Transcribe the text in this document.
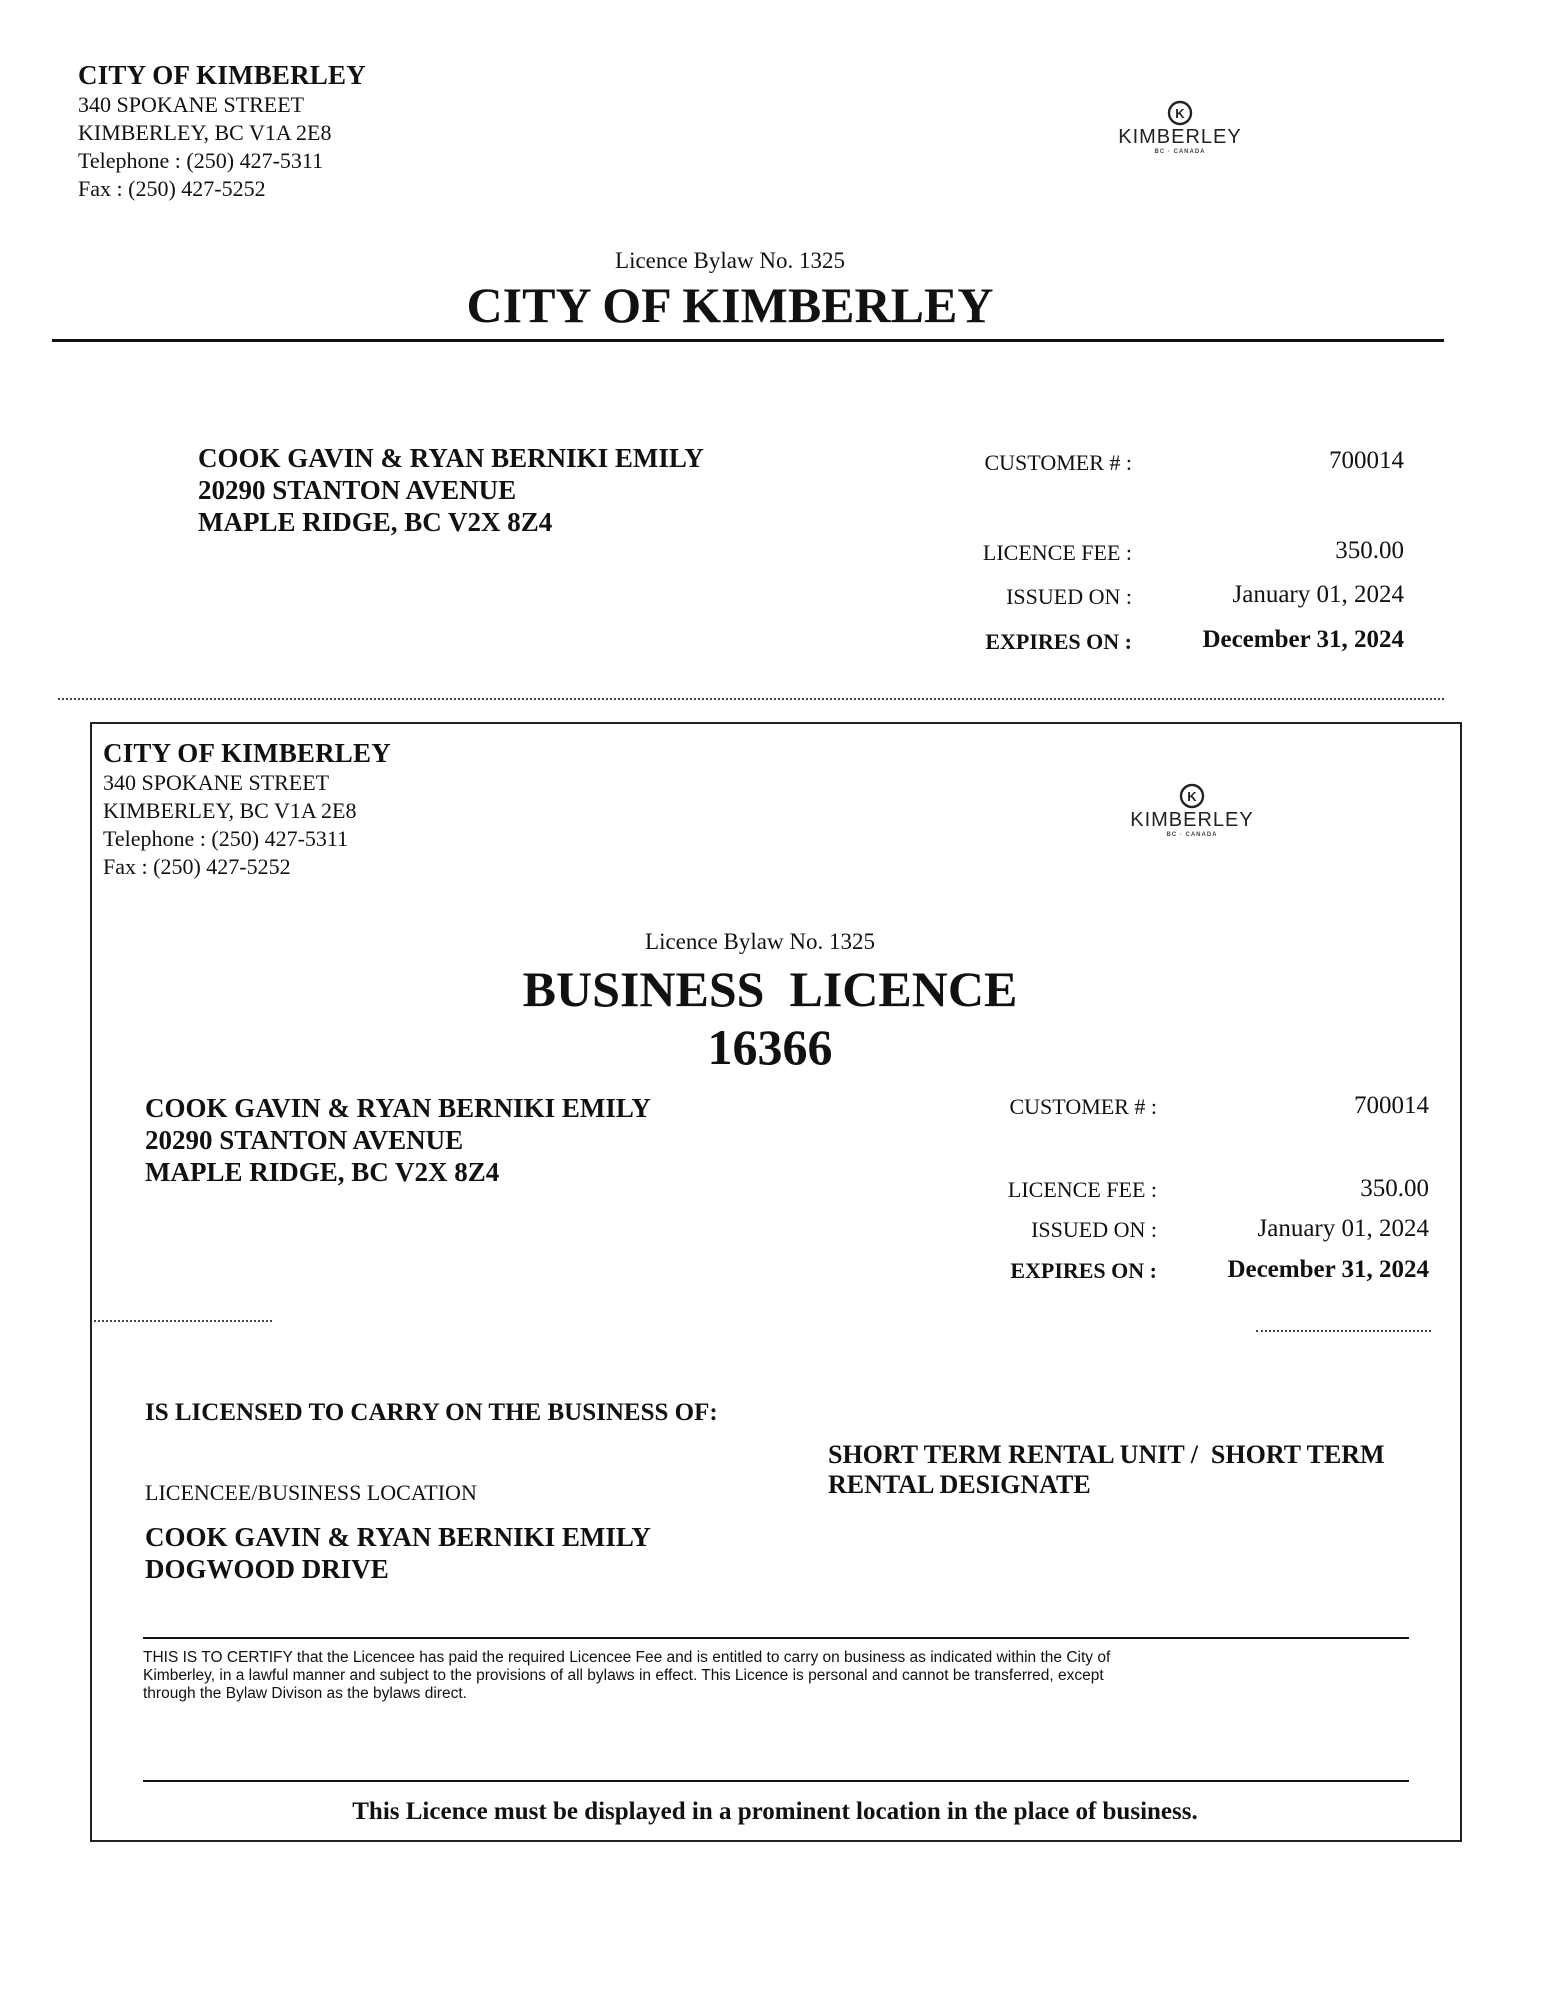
CITY OF KIMBERLEY
340 SPOKANE STREET
KIMBERLEY, BC V1A 2E8
Telephone : (250) 427-5311
Fax : (250) 427-5252
K
KIMBERLEY
BC · CANADA
Licence Bylaw No. 1325
CITY OF KIMBERLEY
COOK GAVIN & RYAN BERNIKI EMILY
20290 STANTON AVENUE
MAPLE RIDGE, BC V2X 8Z4
CUSTOMER # :	700014
LICENCE FEE :	350.00
ISSUED ON :	January 01, 2024
EXPIRES ON :	December 31, 2024
CITY OF KIMBERLEY
340 SPOKANE STREET
KIMBERLEY, BC V1A 2E8
Telephone : (250) 427-5311
Fax : (250) 427-5252
K
KIMBERLEY
BC · CANADA
Licence Bylaw No. 1325
BUSINESS  LICENCE
16366
COOK GAVIN & RYAN BERNIKI EMILY
20290 STANTON AVENUE
MAPLE RIDGE, BC V2X 8Z4
CUSTOMER # :	700014
LICENCE FEE :	350.00
ISSUED ON :	January 01, 2024
EXPIRES ON :	December 31, 2024
IS LICENSED TO CARRY ON THE BUSINESS OF:
SHORT TERM RENTAL UNIT /  SHORT TERM
RENTAL DESIGNATE
LICENCEE/BUSINESS LOCATION
COOK GAVIN & RYAN BERNIKI EMILY
DOGWOOD DRIVE
THIS IS TO CERTIFY that the Licencee has paid the required Licencee Fee and is entitled to carry on business as indicated within the City of
Kimberley, in a lawful manner and subject to the provisions of all bylaws in effect. This Licence is personal and cannot be transferred, except
through the Bylaw Divison as the bylaws direct.
This Licence must be displayed in a prominent location in the place of business.
